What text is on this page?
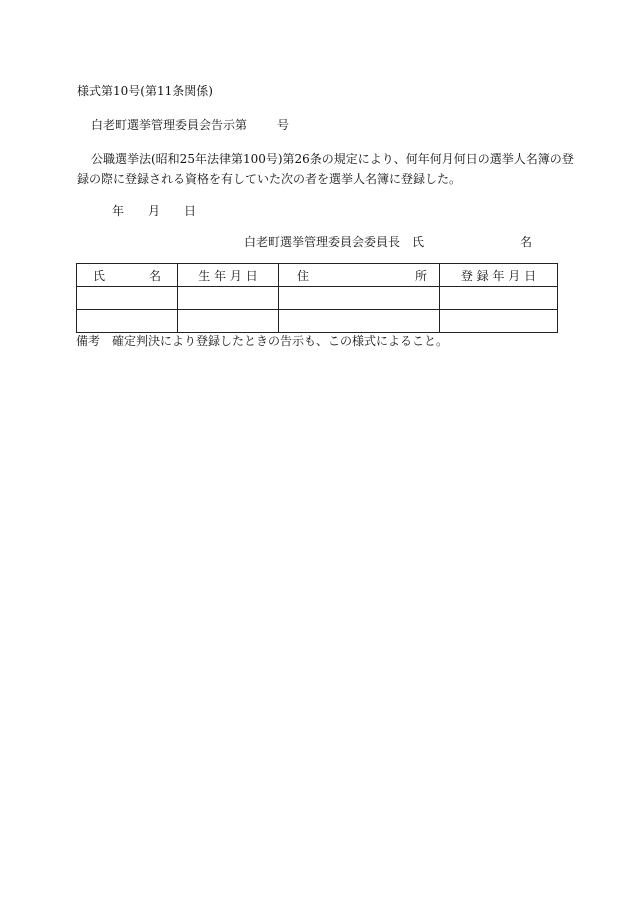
様式第10号(第11条関係)
白老町選挙管理委員会告示第	号
公職選挙法(昭和25年法律第100号)第26条の規定により、何年何月何日の選挙人名簿の登
録の際に登録される資格を有していた次の者を選挙人名簿に登録した。
年 月 日
白老町選挙管理委員会委員長　氏	名
氏 名	生 年 月 日	住 所	登 録 年 月 日

備考　確定判決により登録したときの告示も、この様式によること。
